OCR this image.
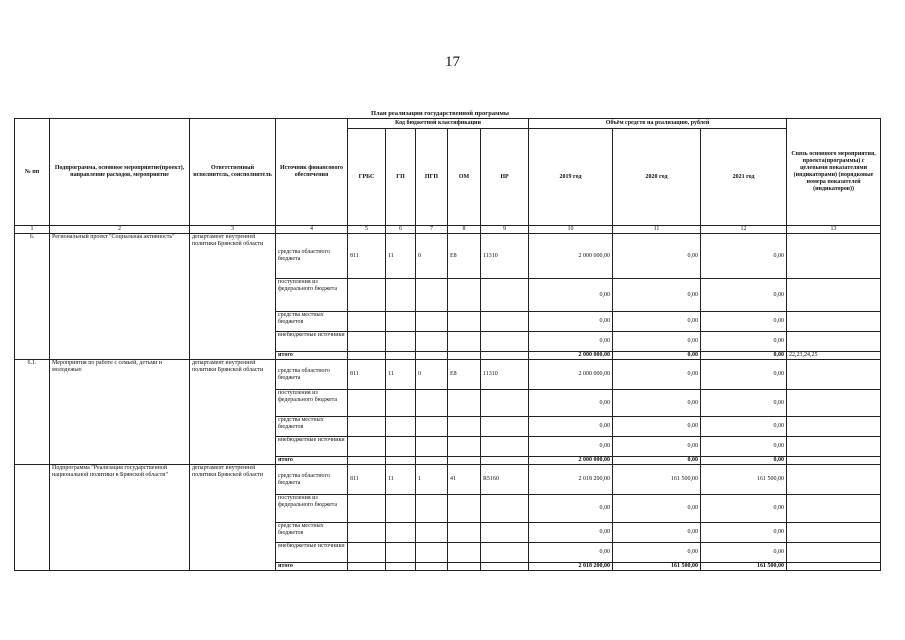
17
План реализации государственной программы
№ пп	Подпрограмма, основное мероприятие(проект), направление расходов, мероприятие	Ответственный исполнитель, соисполнитель	Источник финансового обеспечения	Код бюджетной классификации					Объём средств на реализацию, рублей			Связь основного мероприятия, проекта(программы) с целевыми показателями (индикаторами) (порядковые номера показателей (индикаторов))
				ГРБС	ГП	ПГП	ОМ	НР	2019 год	2020 год	2021 год	
1	2	3	4	5	6	7	8	9	10	11	12	13
6.	Региональный проект "Социальная активность"	департамент внутренней политики Брянской области	средства областного бюджета	811	11	0	Е8	11310	2 000 000,00	0,00	0,00	
			поступления из федерального бюджета						0,00	0,00	0,00	
			средства местных бюджетов						0,00	0,00	0,00	
			внебюджетные источники						0,00	0,00	0,00	
			итого						2 000 000,00	0,00	0,00	22,23,24,25
6.1.	Мероприятия по работе с семьей, детьми и молодежью	департамент внутренней политики Брянской области	средства областного бюджета	811	11	0	Е8	11310	2 000 000,00	0,00	0,00	
			поступления из федерального бюджета						0,00	0,00	0,00	
			средства местных бюджетов						0,00	0,00	0,00	
			внебюджетные источники						0,00	0,00	0,00	
			итого						2 000 000,00	0,00	0,00	
	Подпрограмма "Реализация государственной национальной политики в Брянской области"	департамент внутренней политики Брянской области	средства областного бюджета	811	11	1	41	R5160	2 018 200,00	161 500,00	161 500,00	
			поступления из федерального бюджета						0,00	0,00	0,00	
			средства местных бюджетов						0,00	0,00	0,00	
			внебюджетные источники						0,00	0,00	0,00	
			итого						2 018 200,00	161 500,00	161 500,00	
